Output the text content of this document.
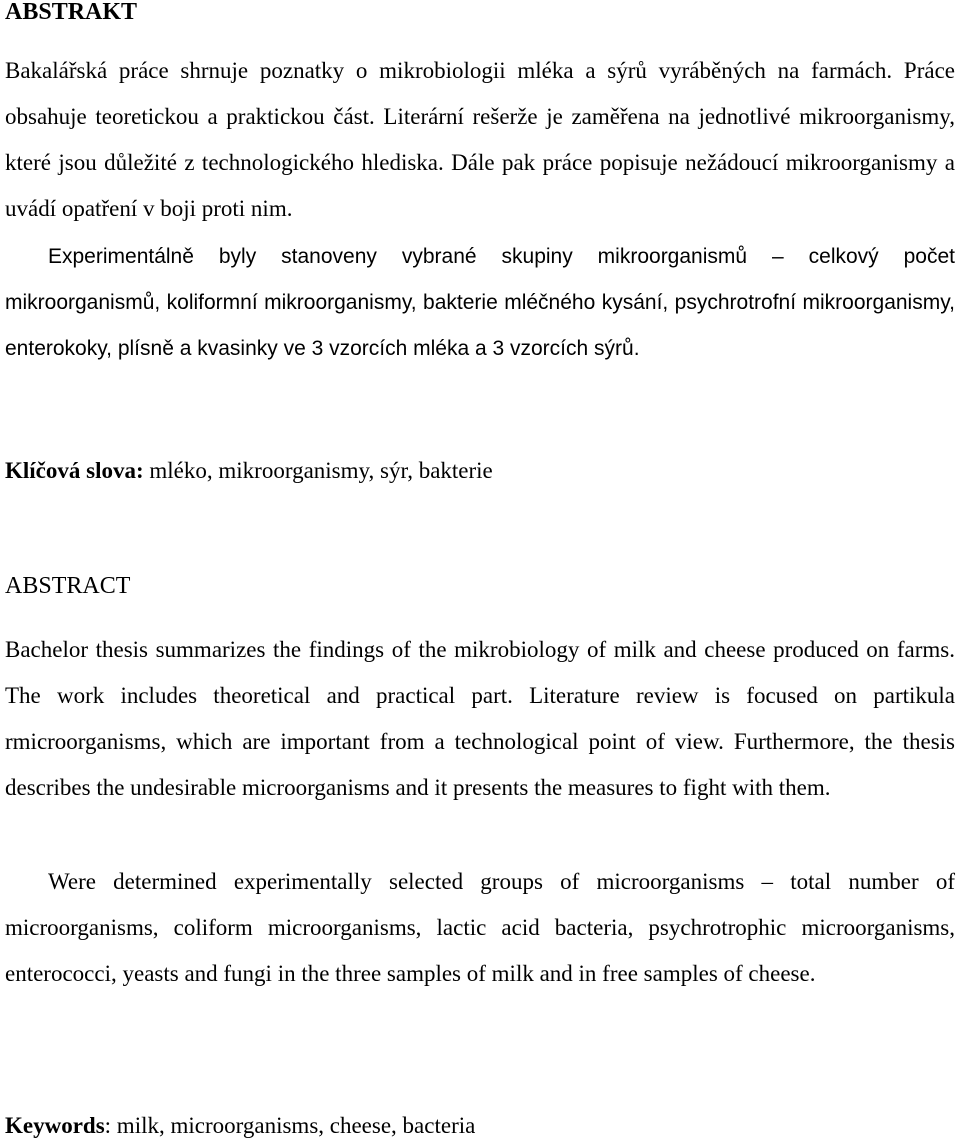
ABSTRAKT

Bakalářská práce shrnuje poznatky o mikrobiologii mléka a sýrů vyráběných na farmách. Práce obsahuje teoretickou a praktickou část. Literární rešerže je zaměřena na jednotlivé mikroorganismy, které jsou důležité z technologického hlediska. Dále pak práce popisuje nežádoucí mikroorganismy a uvádí opatření v boji proti nim.

Experimentálně byly stanoveny vybrané skupiny mikroorganismů – celkový počet mikroorganismů, koliformní mikroorganismy, bakterie mléčného kysání, psychrotrofní mikroorganismy, enterokoky, plísně a kvasinky ve 3 vzorcích mléka a 3 vzorcích sýrů.

Klíčová slova: mléko, mikroorganismy, sýr, bakterie

ABSTRACT

Bachelor thesis summarizes the findings of the mikrobiology of milk and cheese produced on farms. The work includes theoretical and practical part. Literature review is focused on partikula rmicroorganisms, which are important from a technological point of view. Furthermore, the thesis describes the undesirable microorganisms and it presents the measures to fight with them.

Were determined experimentally selected groups of microorganisms – total number of microorganisms, coliform microorganisms, lactic acid bacteria, psychrotrophic microorganisms, enterococci, yeasts and fungi in the three samples of milk and in free samples of cheese.

Keywords: milk, microorganisms, cheese, bacteria
